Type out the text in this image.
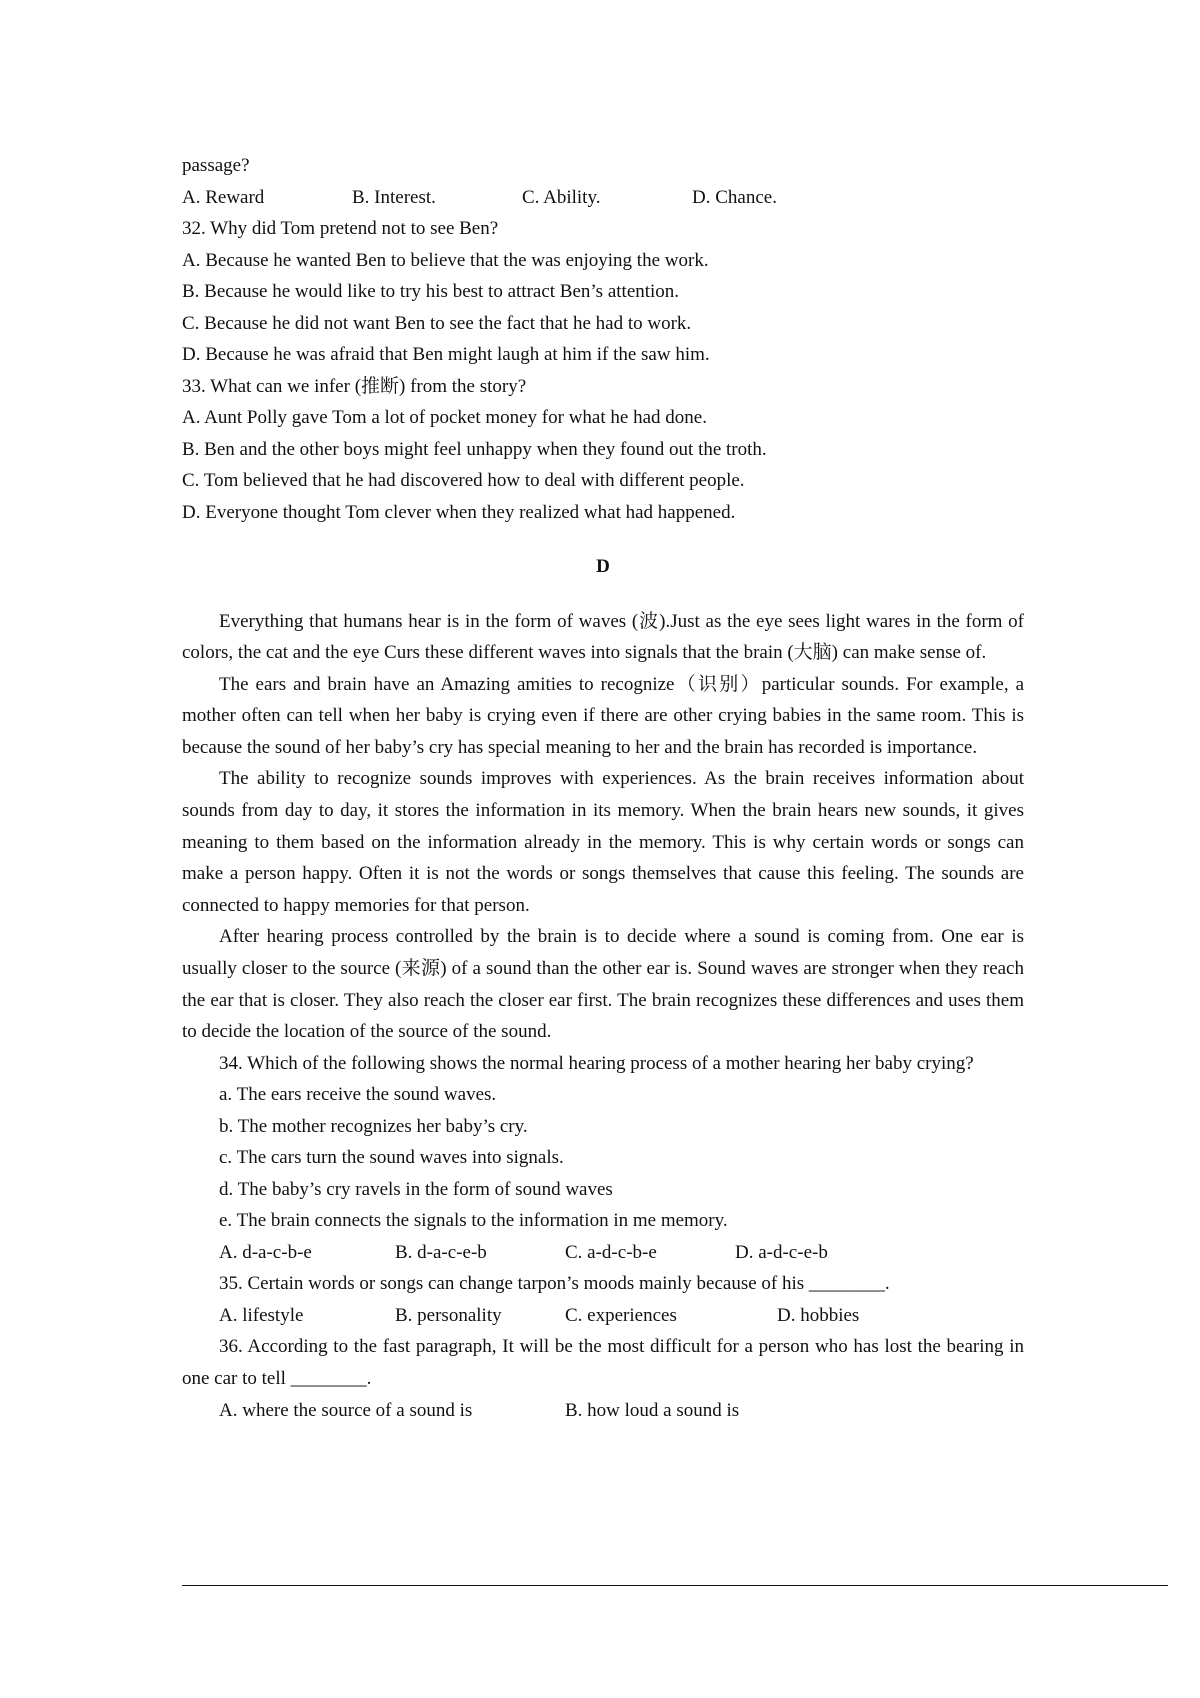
passage?
A. Reward	B. Interest.	C. Ability.	D. Chance.
32. Why did Tom pretend not to see Ben?
A. Because he wanted Ben to believe that the was enjoying the work.
B. Because he would like to try his best to attract Ben’s attention.
C. Because he did not want Ben to see the fact that he had to work.
D. Because he was afraid that Ben might laugh at him if the saw him.
33. What can we infer (推断) from the story?
A. Aunt Polly gave Tom a lot of pocket money for what he had done.
B. Ben and the other boys might feel unhappy when they found out the troth.
C. Tom believed that he had discovered how to deal with different people.
D. Everyone thought Tom clever when they realized what had happened.
D

Everything that humans hear is in the form of waves (波).Just as the eye sees light wares in the form of colors, the cat and the eye Curs these different waves into signals that the brain (大脑) can make sense of.

The ears and brain have an Amazing amities to recognize（识别）particular sounds. For example, a mother often can tell when her baby is crying even if there are other crying babies in the same room. This is because the sound of her baby’s cry has special meaning to her and the brain has recorded is importance.

The ability to recognize sounds improves with experiences. As the brain receives information about sounds from day to day, it stores the information in its memory. When the brain hears new sounds, it gives meaning to them based on the information already in the memory. This is why certain words or songs can make a person happy. Often it is not the words or songs themselves that cause this feeling. The sounds are connected to happy memories for that person.

After hearing process controlled by the brain is to decide where a sound is coming from. One ear is usually closer to the source (来源) of a sound than the other ear is. Sound waves are stronger when they reach the ear that is closer. They also reach the closer ear first. The brain recognizes these differences and uses them to decide the location of the source of the sound.

34. Which of the following shows the normal hearing process of a mother hearing her baby crying?

a. The ears receive the sound waves.
b. The mother recognizes her baby’s cry.
c. The cars turn the sound waves into signals.
d. The baby’s cry ravels in the form of sound waves
e. The brain connects the signals to the information in me memory.
A. d-a-c-b-e	B. d-a-c-e-b	C. a-d-c-b-e	D. a-d-c-e-b
35. Certain words or songs can change tarpon’s moods mainly because of his ________.
A. lifestyle	B. personality	C. experiences	D. hobbies

36. According to the fast paragraph, It will be the most difficult for a person who has lost the bearing in one car to tell ________.

A. where the source of a sound is	B. how loud a sound is
